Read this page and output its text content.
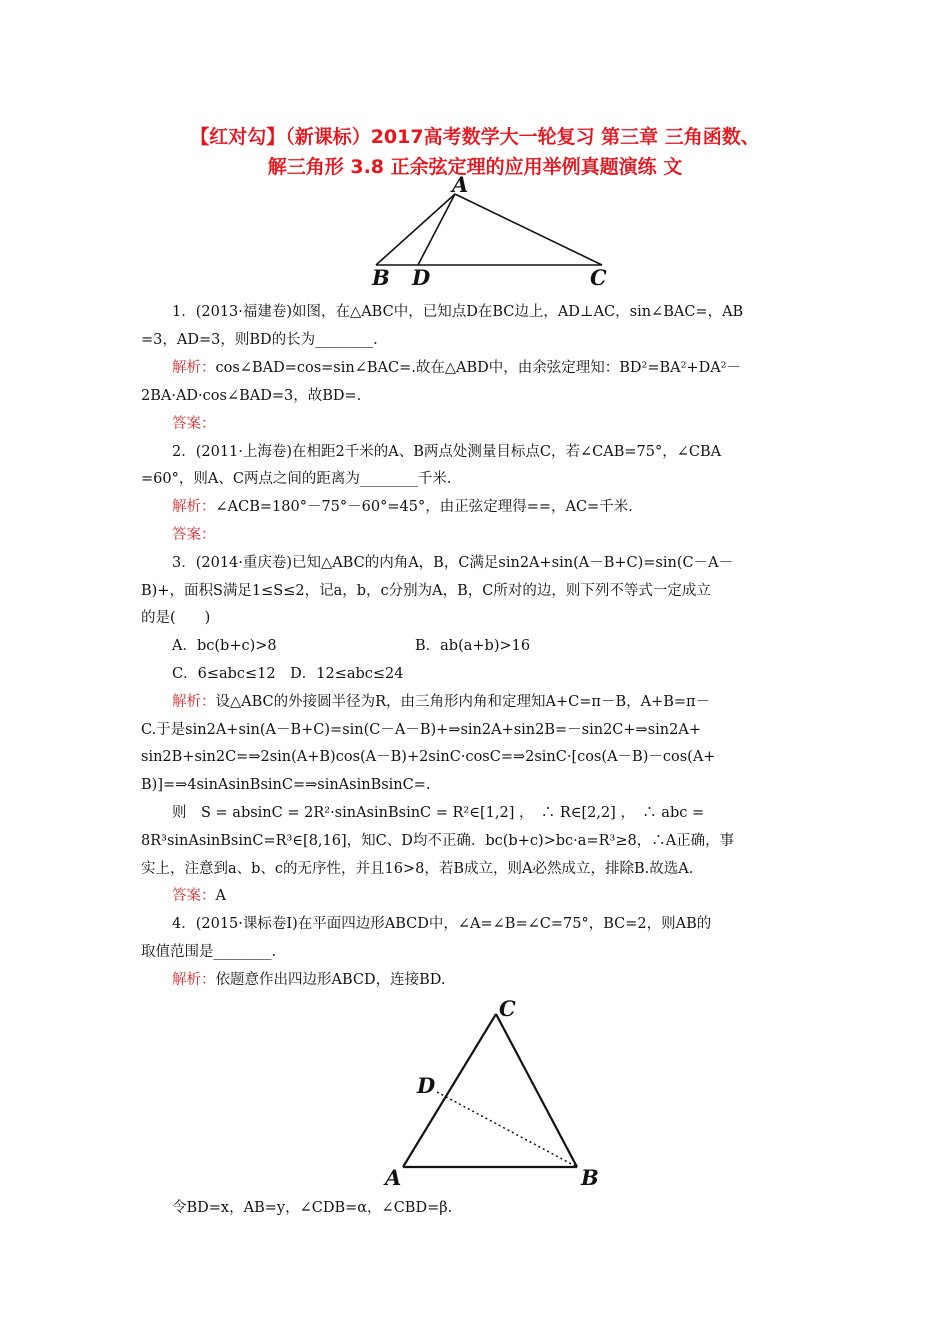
【红对勾】（新课标）2017高考数学大一轮复习 第三章 三角函数、
解三角形 3.8 正余弦定理的应用举例真题演练 文
A
B D	C
1．(2013·福建卷)如图，在△ABC中，已知点D在BC边上，AD⊥AC，sin∠BAC=，AB
=3，AD=3，则BD的长为________.
解析：cos∠BAD=cos=sin∠BAC=.故在△ABD中，由余弦定理知：BD²=BA²+DA²－
2BA·AD·cos∠BAD=3，故BD=.
答案：
2．(2011·上海卷)在相距2千米的A、B两点处测量目标点C，若∠CAB=75°，∠CBA
=60°，则A、C两点之间的距离为________千米.
解析：∠ACB=180°－75°－60°=45°，由正弦定理得==，AC=千米.
答案：
3．(2014·重庆卷)已知△ABC的内角A，B，C满足sin2A+sin(A－B+C)=sin(C－A－
B)+，面积S满足1≤S≤2，记a，b，c分别为A，B，C所对的边，则下列不等式一定成立
的是(　　)
A．bc(b+c)>8	B．ab(a+b)>16
C．6≤abc≤12　D．12≤abc≤24
解析：设△ABC的外接圆半径为R，由三角形内角和定理知A+C=π－B，A+B=π－
C.于是sin2A+sin(A－B+C)=sin(C－A－B)+⇒sin2A+sin2B=－sin2C+⇒sin2A+
sin2B+sin2C=⇒2sin(A+B)cos(A－B)+2sinC·cosC=⇒2sinC·[cos(A－B)－cos(A+
B)]=⇒4sinAsinBsinC=⇒sinAsinBsinC=.
则　S = absinC = 2R²·sinAsinBsinC = R²∈[1,2] ，　∴ R∈[2,2] ，　∴ abc =
8R³sinAsinBsinC=R³∈[8,16]，知C、D均不正确．bc(b+c)>bc·a=R³≥8，∴A正确，事
实上，注意到a、b、c的无序性，并且16>8，若B成立，则A必然成立，排除B.故选A.
答案：A
4．(2015·课标卷Ⅰ)在平面四边形ABCD中，∠A=∠B=∠C=75°，BC=2，则AB的
取值范围是________.
解析：依题意作出四边形ABCD，连接BD.
C
D
A	B
令BD=x，AB=y，∠CDB=α，∠CBD=β.
